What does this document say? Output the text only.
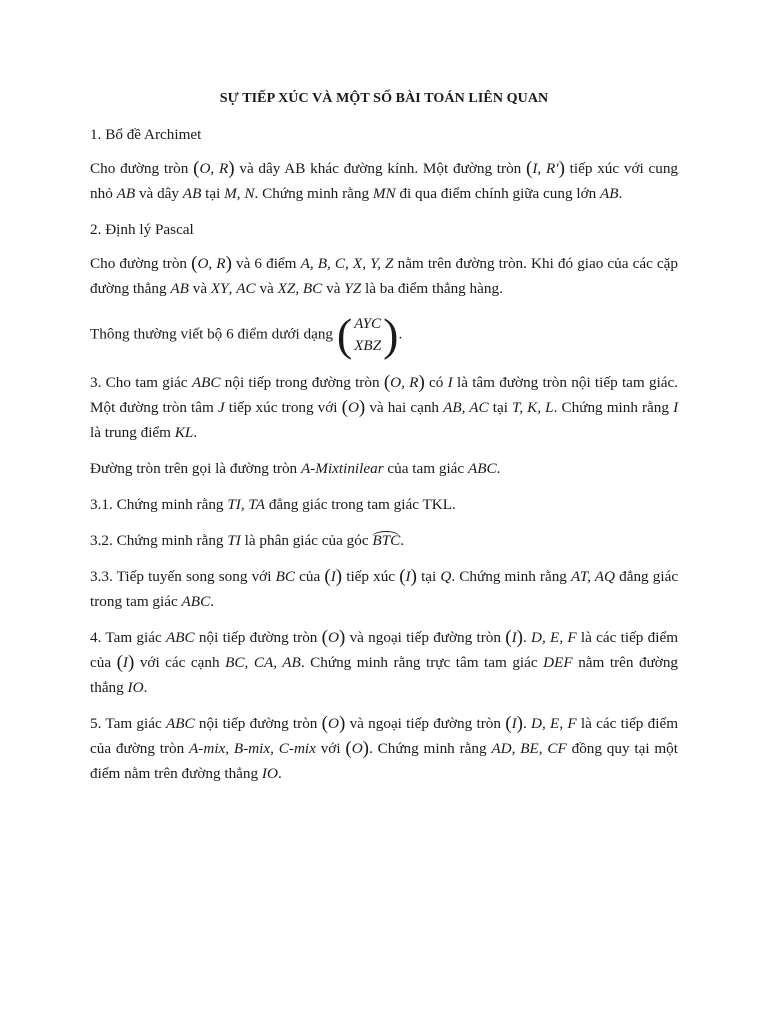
SỰ TIẾP XÚC VÀ MỘT SỐ BÀI TOÁN LIÊN QUAN

1. Bổ đề Archimet

Cho đường tròn (O, R) và dây AB khác đường kính. Một đường tròn (I, R′) tiếp xúc với cung nhỏ AB và dây AB tại M, N. Chứng minh rằng MN đi qua điểm chính giữa cung lớn AB.

2. Định lý Pascal

Cho đường tròn (O, R) và 6 điểm A, B, C, X, Y, Z nằm trên đường tròn. Khi đó giao của các cặp đường thẳng AB và XY, AC và XZ, BC và YZ là ba điểm thẳng hàng.

Thông thường viết bộ 6 điểm dưới dạng ( AYC
XBZ ) .

3. Cho tam giác ABC nội tiếp trong đường tròn (O, R) có I là tâm đường tròn nội tiếp tam giác. Một đường tròn tâm J tiếp xúc trong với (O) và hai cạnh AB, AC tại T, K, L. Chứng minh rằng I là trung điểm KL.

Đường tròn trên gọi là đường tròn A-Mixtinilear của tam giác ABC.

3.1. Chứng minh rằng TI, TA đẳng giác trong tam giác TKL.

3.2. Chứng minh rằng TI là phân giác của góc BTC.

3.3. Tiếp tuyến song song với BC của (I) tiếp xúc (I) tại Q. Chứng minh rằng AT, AQ đẳng giác trong tam giác ABC.

4. Tam giác ABC nội tiếp đường tròn (O) và ngoại tiếp đường tròn (I). D, E, F là các tiếp điểm của (I) với các cạnh BC, CA, AB. Chứng minh rằng trực tâm tam giác DEF nằm trên đường thẳng IO.

5. Tam giác ABC nội tiếp đường tròn (O) và ngoại tiếp đường tròn (I). D, E, F là các tiếp điểm của đường tròn A-mix, B-mix, C-mix với (O). Chứng minh rằng AD, BE, CF đồng quy tại một điểm nằm trên đường thẳng IO.
